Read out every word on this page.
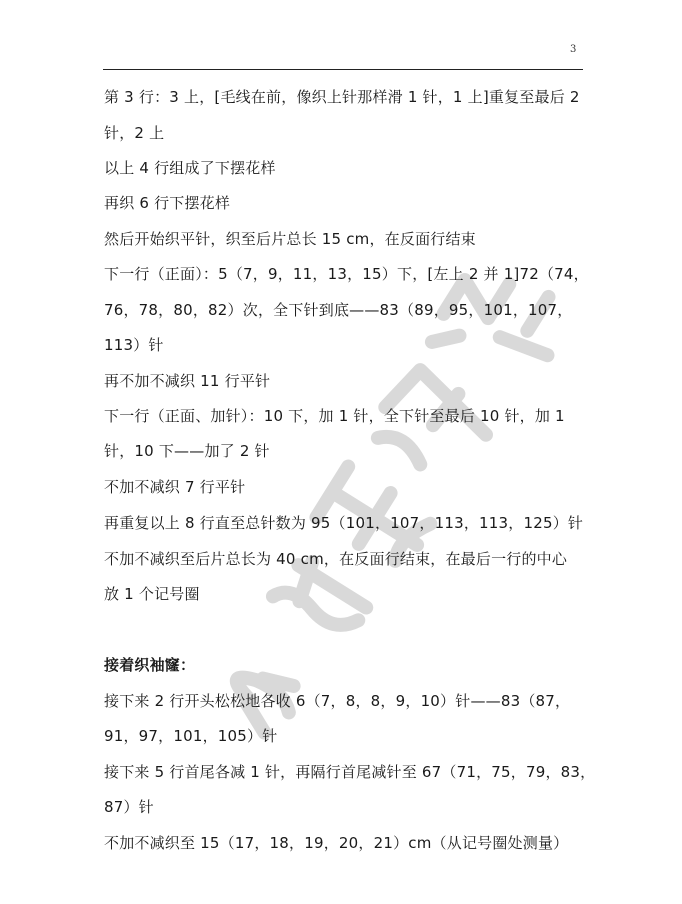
3
第 3 行：3 上，[毛线在前，像织上针那样滑 1 针，1 上]重复至最后 2
针，2 上
以上 4 行组成了下摆花样
再织 6 行下摆花样
然后开始织平针，织至后片总长 15 cm，在反面行结束
下一行（正面）：5（7，9，11，13，15）下，[左上 2 并 1]72（74，
76，78，80，82）次，全下针到底——83（89，95，101，107，
113）针
再不加不减织 11 行平针
下一行（正面、加针）：10 下，加 1 针，全下针至最后 10 针，加 1
针，10 下——加了 2 针
不加不减织 7 行平针
再重复以上 8 行直至总针数为 95（101，107，113，113，125）针
不加不减织至后片总长为 40 cm，在反面行结束，在最后一行的中心
放 1 个记号圈
接着织袖窿：
接下来 2 行开头松松地各收 6（7，8，8，9，10）针——83（87，
91，97，101，105）针
接下来 5 行首尾各减 1 针，再隔行首尾减针至 67（71，75，79，83，
87）针
不加不减织至 15（17，18，19，20，21）cm（从记号圈处测量）
